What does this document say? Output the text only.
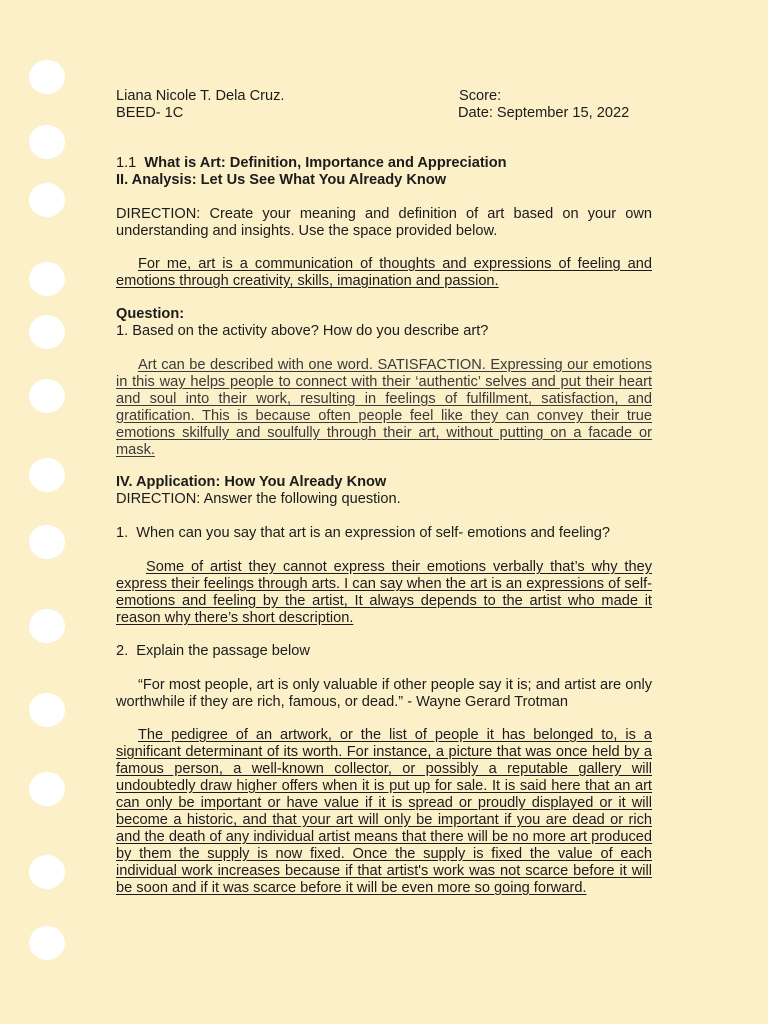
Liana Nicole T. Dela Cruz.
BEED- 1C
Score:
Date: September 15, 2022
1.1 What is Art: Definition, Importance and Appreciation
II. Analysis: Let Us See What You Already Know
DIRECTION: Create your meaning and definition of art based on your own understanding and insights. Use the space provided below.
For me, art is a communication of thoughts and expressions of feeling and emotions through creativity, skills, imagination and passion.
Question:
1. Based on the activity above? How do you describe art?
Art can be described with one word. SATISFACTION. Expressing our emotions in this way helps people to connect with their ‘authentic’ selves and put their heart and soul into their work, resulting in feelings of fulfillment, satisfaction, and gratification. This is because often people feel like they can convey their true emotions skilfully and soulfully through their art, without putting on a facade or mask.
IV. Application: How You Already Know
DIRECTION: Answer the following question.
1. When can you say that art is an expression of self- emotions and feeling?
Some of artist they cannot express their emotions verbally that’s why they express their feelings through arts. I can say when the art is an expressions of self- emotions and feeling by the artist, It always depends to the artist who made it reason why there’s short description.
2. Explain the passage below
“For most people, art is only valuable if other people say it is; and artist are only worthwhile if they are rich, famous, or dead.” - Wayne Gerard Trotman
The pedigree of an artwork, or the list of people it has belonged to, is a significant determinant of its worth. For instance, a picture that was once held by a famous person, a well-known collector, or possibly a reputable gallery will undoubtedly draw higher offers when it is put up for sale. It is said here that an art can only be important or have value if it is spread or proudly displayed or it will become a historic, and that your art will only be important if you are dead or rich and the death of any individual artist means that there will be no more art produced by them the supply is now fixed. Once the supply is fixed the value of each individual work increases because if that artist's work was not scarce before it will be soon and if it was scarce before it will be even more so going forward.
